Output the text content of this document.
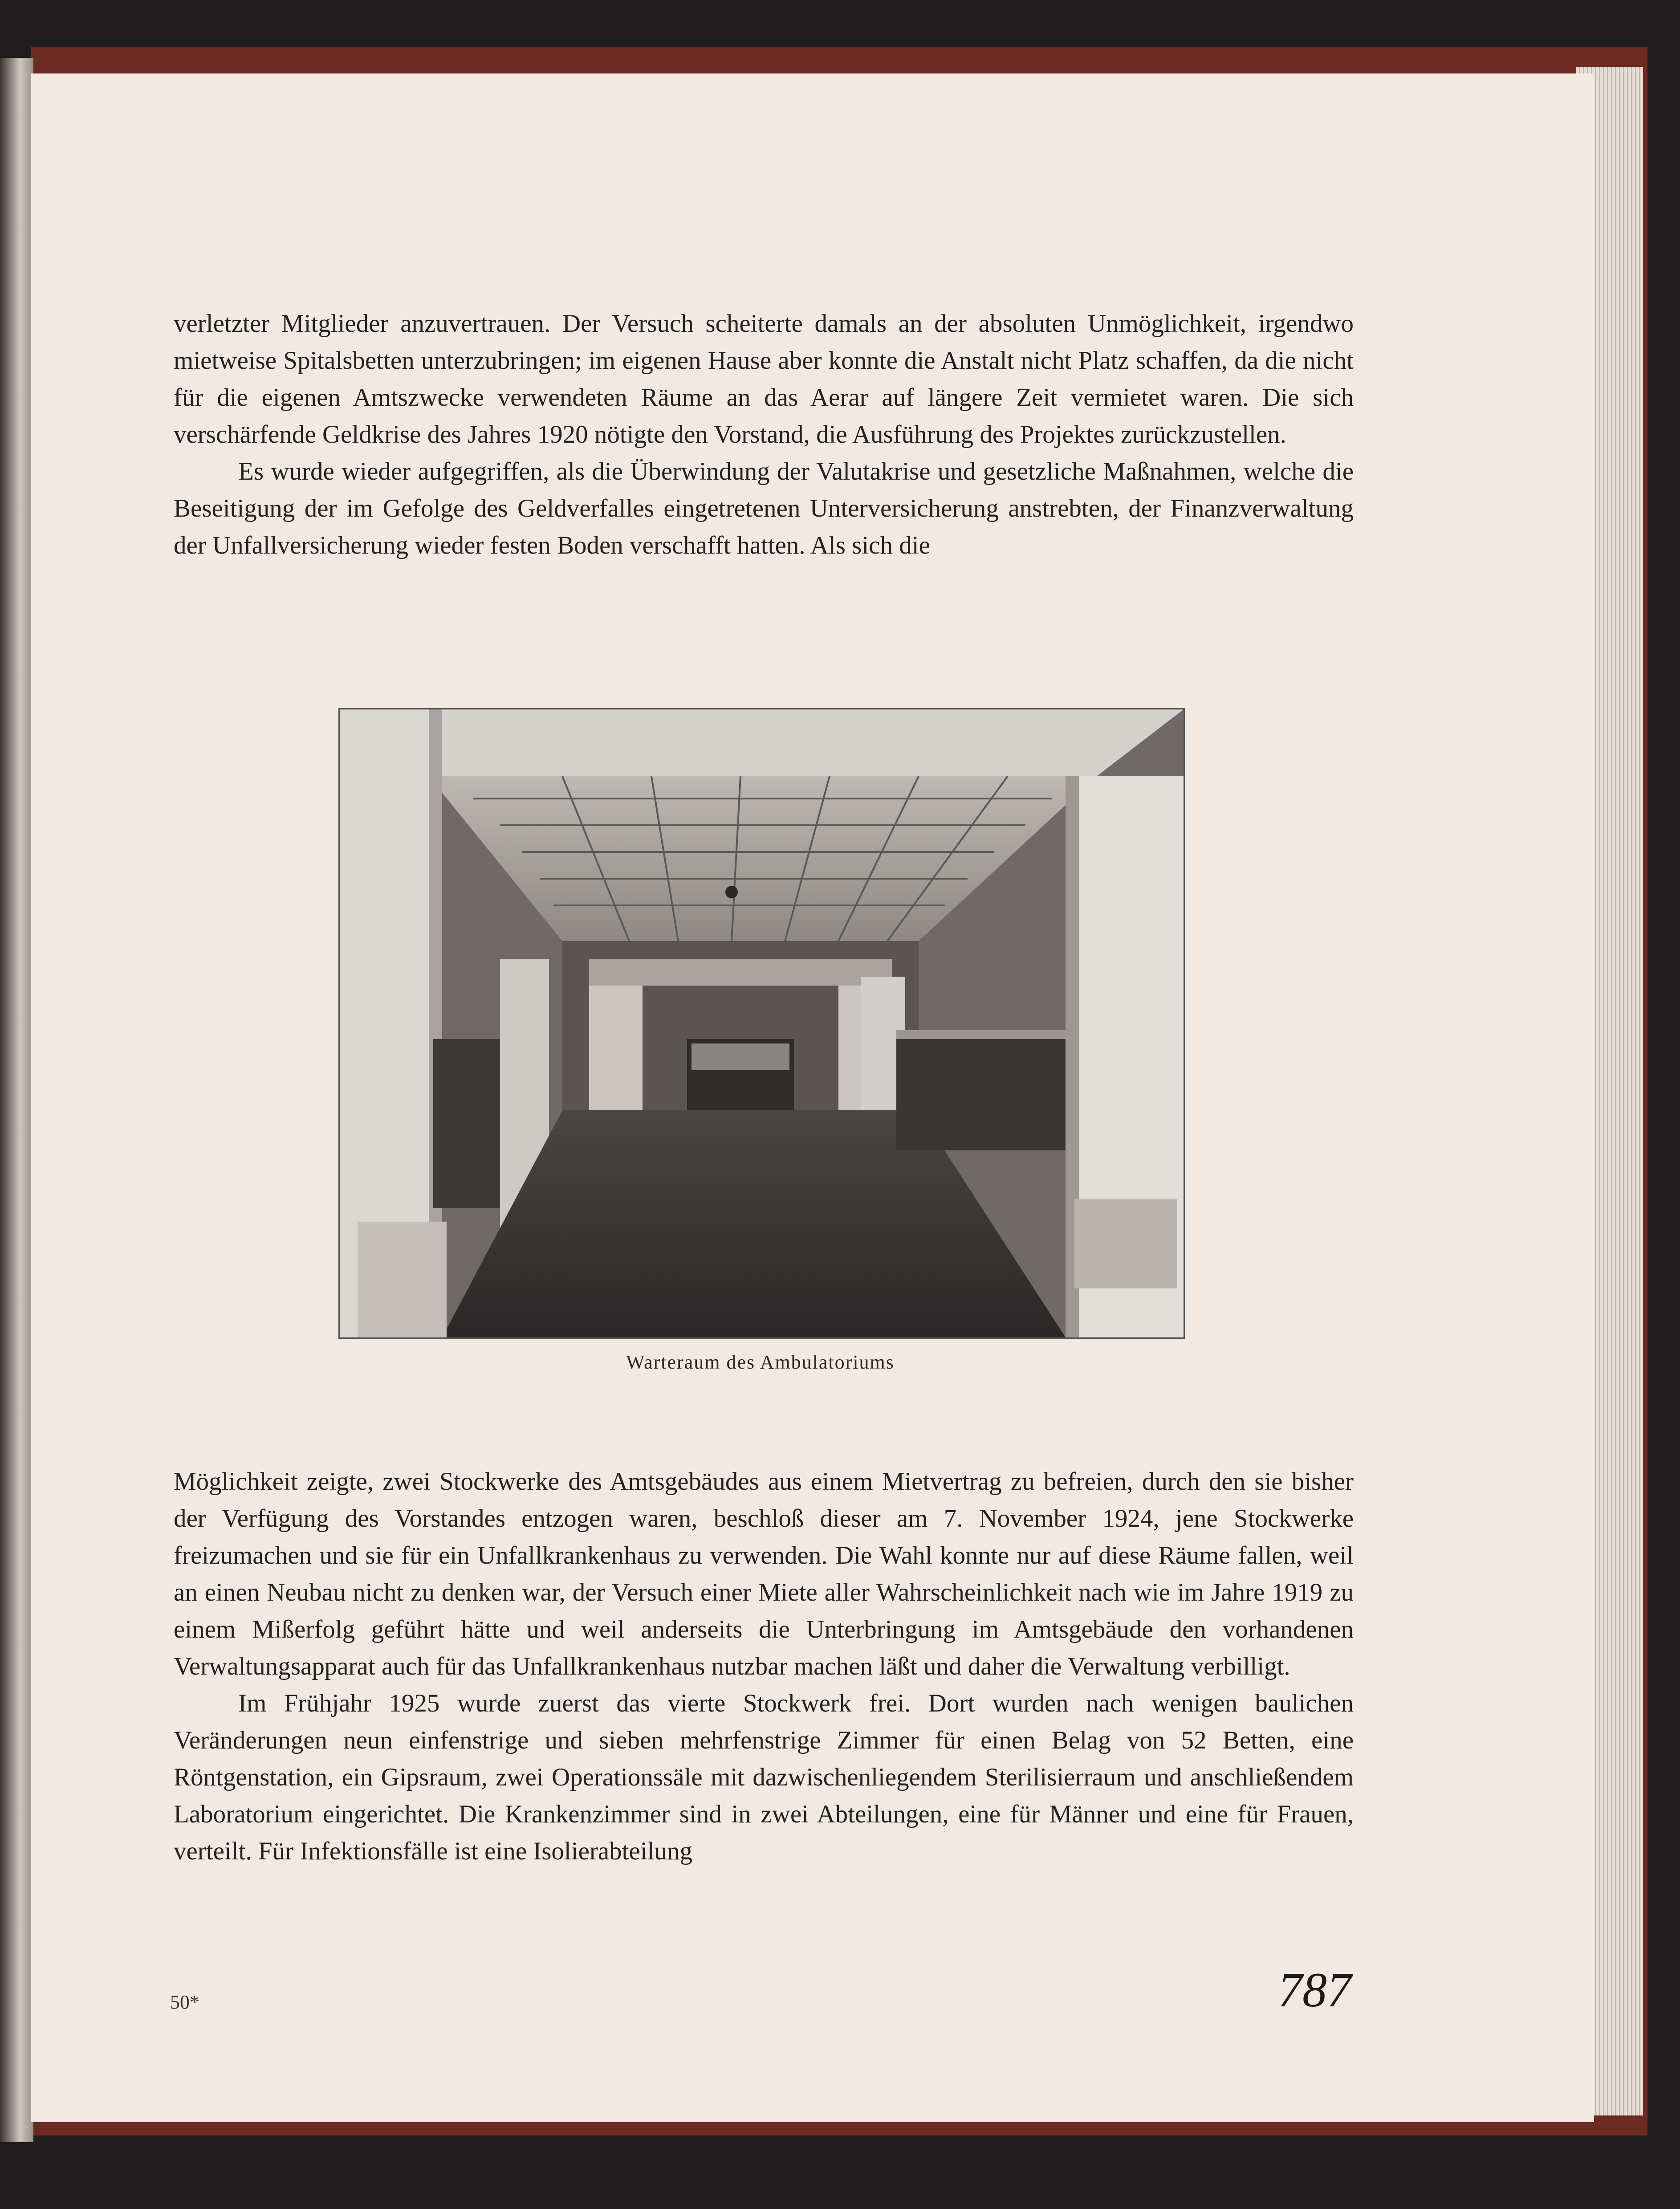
verletzter Mitglieder anzuvertrauen. Der Versuch scheiterte damals an der absoluten Unmöglichkeit, irgendwo mietweise Spitalsbetten unterzubringen; im eigenen Hause aber konnte die Anstalt nicht Platz schaffen, da die nicht für die eigenen Amtszwecke verwendeten Räume an das Aerar auf längere Zeit vermietet waren. Die sich verschärfende Geldkrise des Jahres 1920 nötigte den Vorstand, die Ausführung des Projektes zurückzustellen.

Es wurde wieder aufgegriffen, als die Überwindung der Valutakrise und gesetzliche Maßnahmen, welche die Beseitigung der im Gefolge des Geldverfalles eingetretenen Unterversicherung anstrebten, der Finanzverwaltung der Unfallversicherung wieder festen Boden verschafft hatten. Als sich die

Warteraum des Ambulatoriums

Möglichkeit zeigte, zwei Stockwerke des Amtsgebäudes aus einem Mietvertrag zu befreien, durch den sie bisher der Verfügung des Vorstandes entzogen waren, beschloß dieser am 7. November 1924, jene Stockwerke freizumachen und sie für ein Unfallkrankenhaus zu verwenden. Die Wahl konnte nur auf diese Räume fallen, weil an einen Neubau nicht zu denken war, der Versuch einer Miete aller Wahrscheinlichkeit nach wie im Jahre 1919 zu einem Mißerfolg geführt hätte und weil anderseits die Unterbringung im Amtsgebäude den vorhandenen Verwaltungsapparat auch für das Unfallkrankenhaus nutzbar machen läßt und daher die Verwaltung verbilligt.

Im Frühjahr 1925 wurde zuerst das vierte Stockwerk frei. Dort wurden nach wenigen baulichen Veränderungen neun einfenstrige und sieben mehrfenstrige Zimmer für einen Belag von 52 Betten, eine Röntgenstation, ein Gipsraum, zwei Operationssäle mit dazwischenliegendem Sterilisierraum und anschließendem Laboratorium eingerichtet. Die Krankenzimmer sind in zwei Abteilungen, eine für Männer und eine für Frauen, verteilt. Für Infektionsfälle ist eine Isolierabteilung

50*	787
